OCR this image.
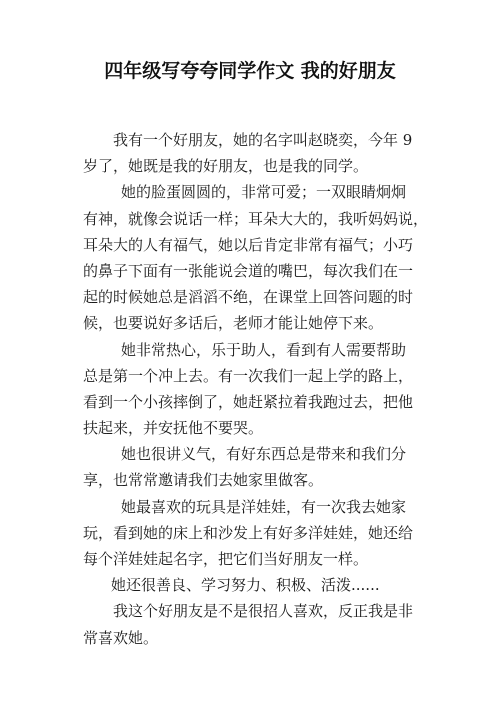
四年级写夸夸同学作文 我的好朋友
我有一个好朋友，她的名字叫赵晓奕，今年 9
岁了，她既是我的好朋友，也是我的同学。
她的脸蛋圆圆的，非常可爱；一双眼睛炯炯
有神，就像会说话一样；耳朵大大的，我听妈妈说，
耳朵大的人有福气，她以后肯定非常有福气；小巧
的鼻子下面有一张能说会道的嘴巴，每次我们在一
起的时候她总是滔滔不绝，在课堂上回答问题的时
候，也要说好多话后，老师才能让她停下来。
她非常热心，乐于助人，看到有人需要帮助
总是第一个冲上去。有一次我们一起上学的路上，
看到一个小孩摔倒了，她赶紧拉着我跑过去，把他
扶起来，并安抚他不要哭。
她也很讲义气，有好东西总是带来和我们分
享，也常常邀请我们去她家里做客。
她最喜欢的玩具是洋娃娃，有一次我去她家
玩，看到她的床上和沙发上有好多洋娃娃，她还给
每个洋娃娃起名字，把它们当好朋友一样。
她还很善良、学习努力、积极、活泼......
我这个好朋友是不是很招人喜欢，反正我是非
常喜欢她。
